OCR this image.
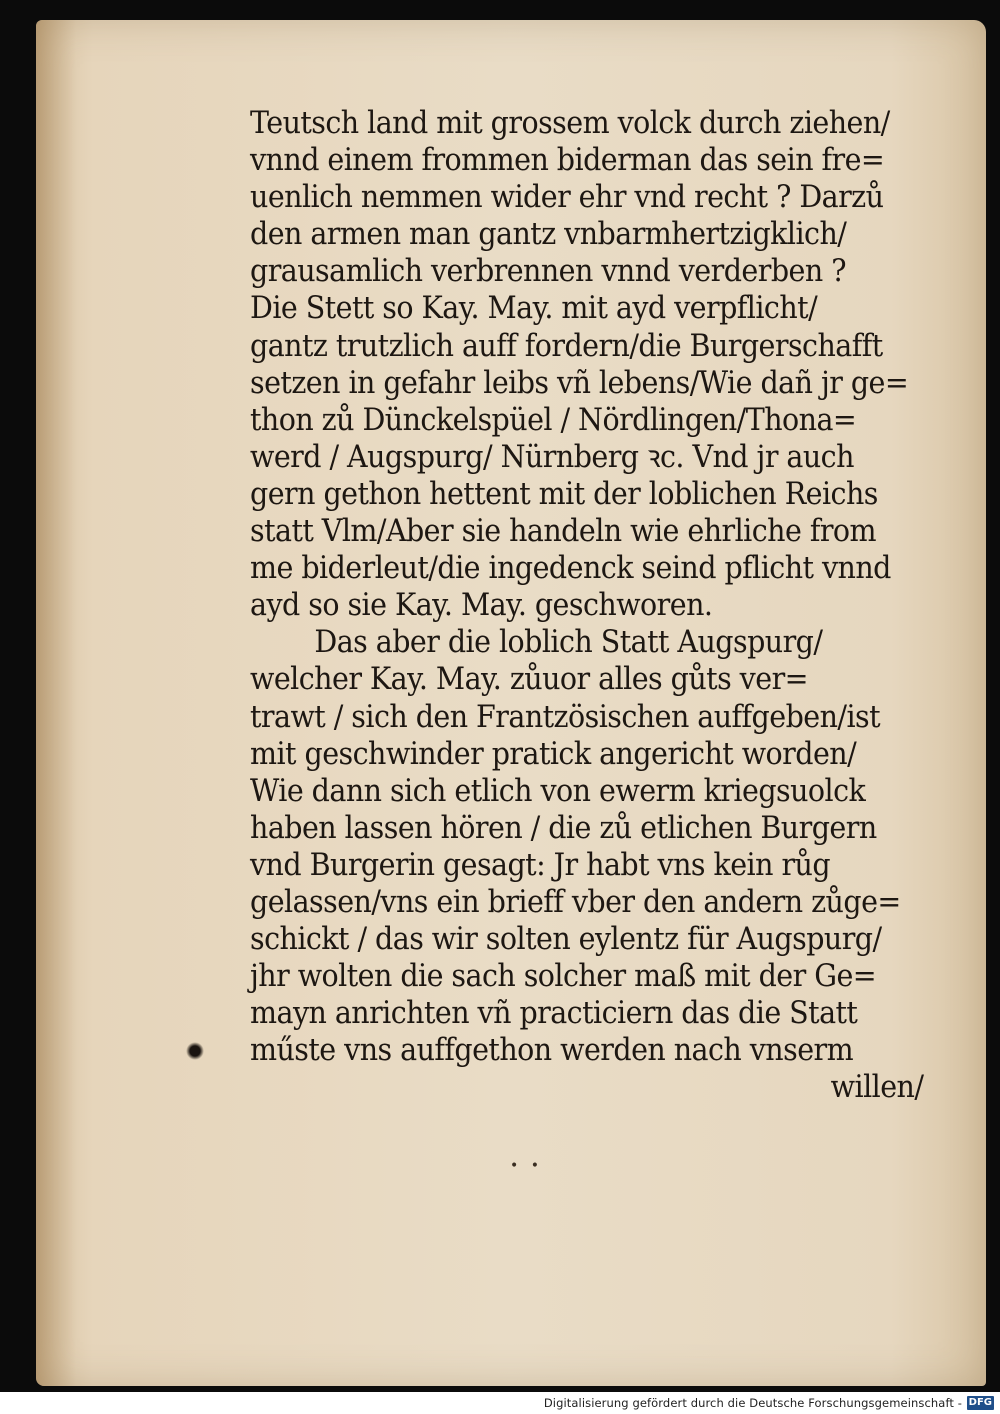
Teutsch land mit grossem volck durch ziehen/
vnnd einem frommen biderman das sein fre=
uenlich nemmen wider ehr vnd recht ? Darzů
den armen man gantz vnbarmhertzigklich/
grausamlich verbrennen vnnd verderben ?
Die Stett so Kay. May. mit ayd verpflicht/
gantz trutzlich auff fordern/die Burgerschafft
setzen in gefahr leibs vñ lebens/Wie dañ jr ge=
thon zů Dünckelspüel / Nördlingen/Thona=
werd / Augspurg/ Nürnberg ꝛc. Vnd jr auch
gern gethon hettent mit der loblichen Reichs
statt Vlm/Aber sie handeln wie ehrliche from
me biderleut/die ingedenck seind pflicht vnnd
ayd so sie Kay. May. geschworen.
Das aber die loblich Statt Augspurg/
welcher Kay. May. zůuor alles gůts ver=
trawt / sich den Frantzösischen auffgeben/ist
mit geschwinder pratick angericht worden/
Wie dann sich etlich von ewerm kriegsuolck
haben lassen hören / die zů etlichen Burgern
vnd Burgerin gesagt: Jr habt vns kein růg
gelassen/vns ein brieff vber den andern zůge=
schickt / das wir solten eylentz für Augspurg/
jhr wolten die sach solcher maß mit der Ge=
mayn anrichten vñ practiciern das die Statt
műste vns auffgethon werden nach vnserm
willen/
• •
Digitalisierung gefördert durch die Deutsche Forschungsgemeinschaft - DFG
